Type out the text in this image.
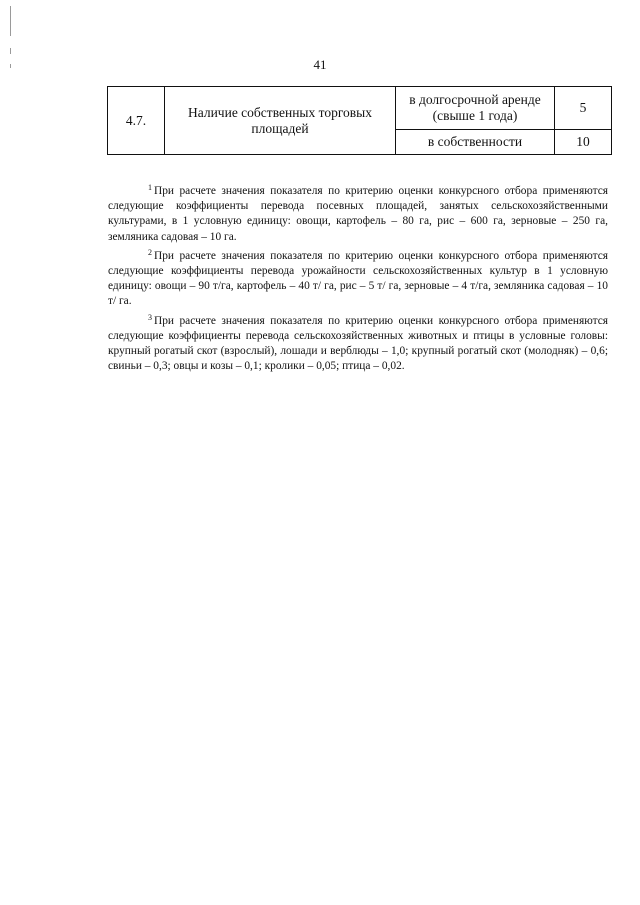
41
4.7.	Наличие собственных торговых площадей	в долгосрочной аренде (свыше 1 года)	5
		в собственности	10

$^1$ При расчете значения показателя по критерию оценки конкурсного отбора применяются следующие коэффициенты перевода посевных площадей, занятых сельскохозяйственными культурами, в 1 условную единицу: овощи, картофель – 80 га, рис – 600 га, зерновые – 250 га, земляника садовая – 10 га.

$^2$ При расчете значения показателя по критерию оценки конкурсного отбора применяются следующие коэффициенты перевода урожайности сельскохозяйственных культур в 1 условную единицу: овощи – 90 т/га, картофель – 40 т/ га, рис – 5 т/ га, зерновые – 4 т/га, земляника садовая – 10 т/ га.

$^3$ При расчете значения показателя по критерию оценки конкурсного отбора применяются следующие коэффициенты перевода сельскохозяйственных животных и птицы в условные головы: крупный рогатый скот (взрослый), лошади и верблюды – 1,0; крупный рогатый скот (молодняк) – 0,6; свиньи – 0,3; овцы и козы – 0,1; кролики – 0,05; птица – 0,02.
